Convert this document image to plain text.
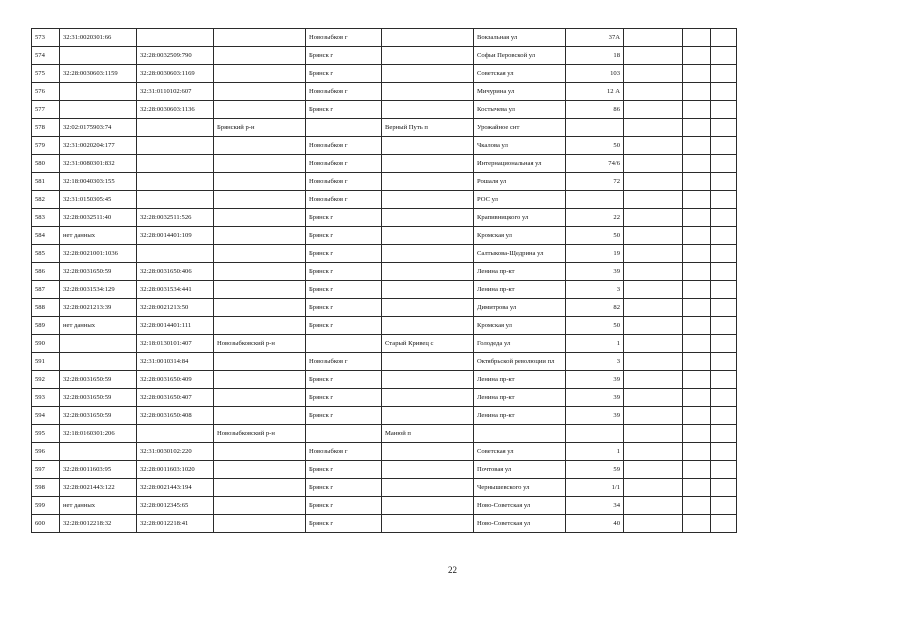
573	32:31:0020301:66			Новозыбков г		Вокзальная ул	37А			
574		32:28:0032509:790		Брянск г		Софьи Перовской ул	18			
575	32:28:0030603:1159	32:28:0030603:1169		Брянск г		Советская ул	103			
576		32:31:0110102:607		Новозыбков г		Мичурина ул	12 А			
577		32:28:0030603:1136		Брянск г		Костычева ул	86			
578	32:02:0175903:74		Брянский р-н		Верный Путь п	Урожайное снт				
579	32:31:0020204:177			Новозыбков г		Чкалова ул	50			
580	32:31:0080301:832			Новозыбков г		Интернациональная ул	74/6			
581	32:18:0040303:155			Новозыбков г		Рошаля ул	72			
582	32:31:0150305:45			Новозыбков г		РОС ул				
583	32:28:0032511:40	32:28:0032511:526		Брянск г		Крапивницкого ул	22			
584	нет данных	32:28:0014401:109		Брянск г		Кромская ул	50			
585	32:28:0021001:1036			Брянск г		Салтыкова-Щедрина ул	19			
586	32:28:0031650:59	32:28:0031650:406		Брянск г		Ленина пр-кт	39			
587	32:28:0031534:129	32:28:0031534:441		Брянск г		Ленина пр-кт	3			
588	32:28:0021213:39	32:28:0021213:50		Брянск г		Димитрова ул	82			
589	нет данных	32:28:0014401:111		Брянск г		Кромская ул	50			
590		32:18:0130101:407	Новозыбковский р-н		Старый Кривец с	Голодеда ул	1			
591		32:31:0010314:84		Новозыбков г		Октябрьской революции пл	3			
592	32:28:0031650:59	32:28:0031650:409		Брянск г		Ленина пр-кт	39			
593	32:28:0031650:59	32:28:0031650:407		Брянск г		Ленина пр-кт	39			
594	32:28:0031650:59	32:28:0031650:408		Брянск г		Ленина пр-кт	39			
595	32:18:0160301:206		Новозыбковский р-н		Манюй п					
596		32:31:0030102:220		Новозыбков г		Советская ул	1			
597	32:28:0011603:95	32:28:0011603:1020		Брянск г		Почтовая ул	59			
598	32:28:0021443:122	32:28:0021443:194		Брянск г		Чернышевского ул	1/1			
599	нет данных	32:28:0012345:65		Брянск г		Ново-Советская ул	34			
600	32:28:0012218:32	32:28:0012218:41		Брянск г		Ново-Советская ул	40			
22
